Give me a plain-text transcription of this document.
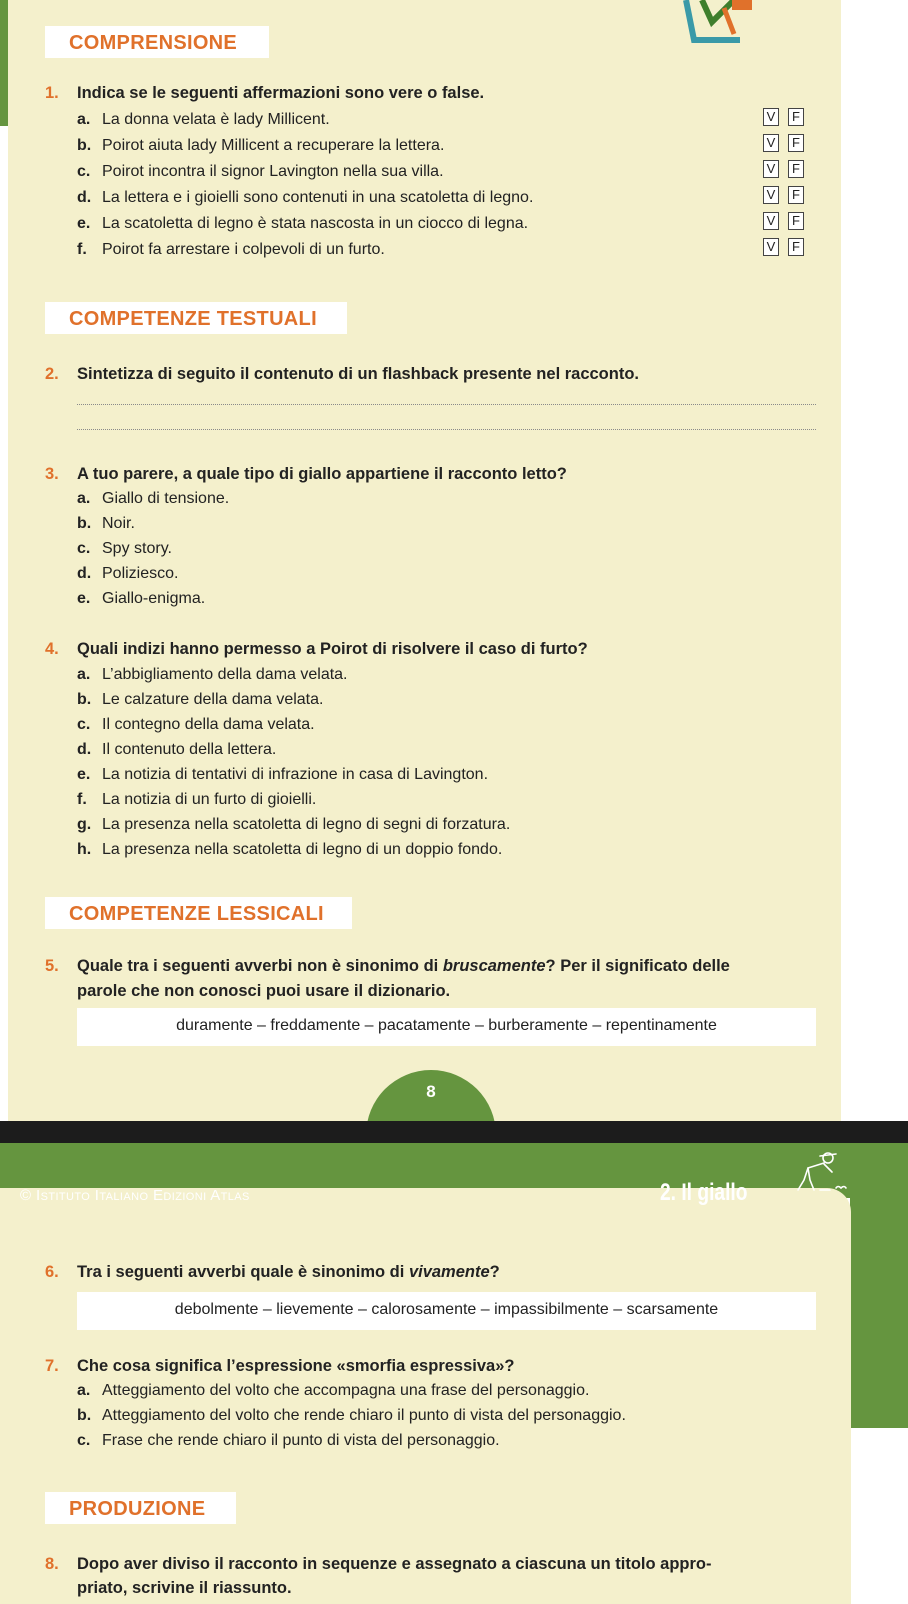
COMPRENSIONE
1. Indica se le seguenti affermazioni sono vere o false.
a. La donna velata è lady Millicent.
b. Poirot aiuta lady Millicent a recuperare la lettera.
c. Poirot incontra il signor Lavington nella sua villa.
d. La lettera e i gioielli sono contenuti in una scatoletta di legno.
e. La scatoletta di legno è stata nascosta in un ciocco di legna.
f. Poirot fa arrestare i colpevoli di un furto.
V F
V F
V F
V F
V F
V F
COMPETENZE TESTUALI
2. Sintetizza di seguito il contenuto di un flashback presente nel racconto.
3. A tuo parere, a quale tipo di giallo appartiene il racconto letto?
a. Giallo di tensione.
b. Noir.
c. Spy story.
d. Poliziesco.
e. Giallo-enigma.
4. Quali indizi hanno permesso a Poirot di risolvere il caso di furto?
a. L’abbigliamento della dama velata.
b. Le calzature della dama velata.
c. Il contegno della dama velata.
d. Il contenuto della lettera.
e. La notizia di tentativi di infrazione in casa di Lavington.
f. La notizia di un furto di gioielli.
g. La presenza nella scatoletta di legno di segni di forzatura.
h. La presenza nella scatoletta di legno di un doppio fondo.
COMPETENZE LESSICALI
5. Quale tra i seguenti avverbi non è sinonimo di bruscamente? Per il significato delle
parole che non conosci puoi usare il dizionario.
duramente – freddamente – pacatamente – burberamente – repentinamente
8
© Istituto Italiano Edizioni Atlas	2. Il giallo
6. Tra i seguenti avverbi quale è sinonimo di vivamente?
debolmente – lievemente – calorosamente – impassibilmente – scarsamente
7. Che cosa significa l’espressione «smorfia espressiva»?
a. Atteggiamento del volto che accompagna una frase del personaggio.
b. Atteggiamento del volto che rende chiaro il punto di vista del personaggio.
c. Frase che rende chiaro il punto di vista del personaggio.
PRODUZIONE
8. Dopo aver diviso il racconto in sequenze e assegnato a ciascuna un titolo appro-
priato, scrivine il riassunto.
